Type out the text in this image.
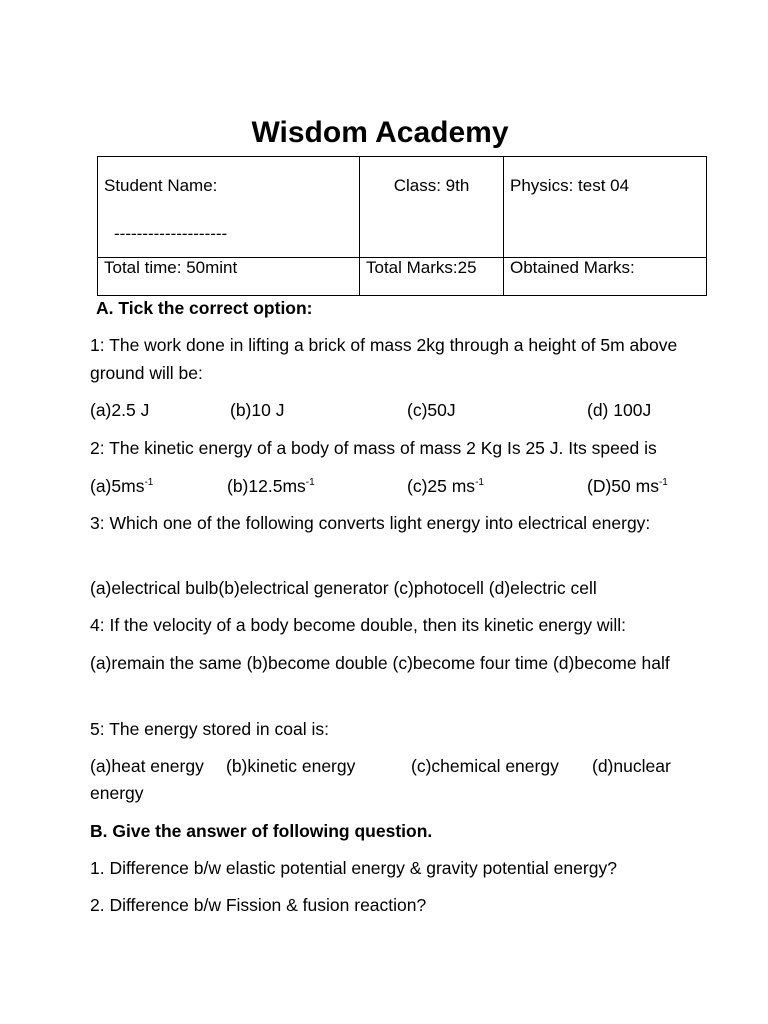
Wisdom Academy
Student Name:
--------------------	Class: 9th	Physics: test 04

Total time: 50mint	Total Marks:25	Obtained Marks:
A. Tick the correct option:
1: The work done in lifting a brick of mass 2kg through a height of 5m above ground will be:
(a)2.5 J	(b)10 J	(c)50J	(d) 100J
2: The kinetic energy of a body of mass of mass 2 Kg Is 25 J. Its speed is
$(a)5ms^{-1}$	$(b)12.5ms^{-1}$	(c)25 $ms^{-1}$	(D)50 $ms^{-1}$
3: Which one of the following converts light energy into electrical energy:
(a)electrical bulb(b)electrical generator (c)photocell (d)electric cell
4: If the velocity of a body become double, then its kinetic energy will:
(a)remain the same (b)become double (c)become four time (d)become half
5: The energy stored in coal is:
(a)heat energy (b)kinetic energy	(c)chemical energy (d)nuclear
energy
B. Give the answer of following question.
1. Difference b/w elastic potential energy & gravity potential energy?
2. Difference b/w Fission & fusion reaction?
